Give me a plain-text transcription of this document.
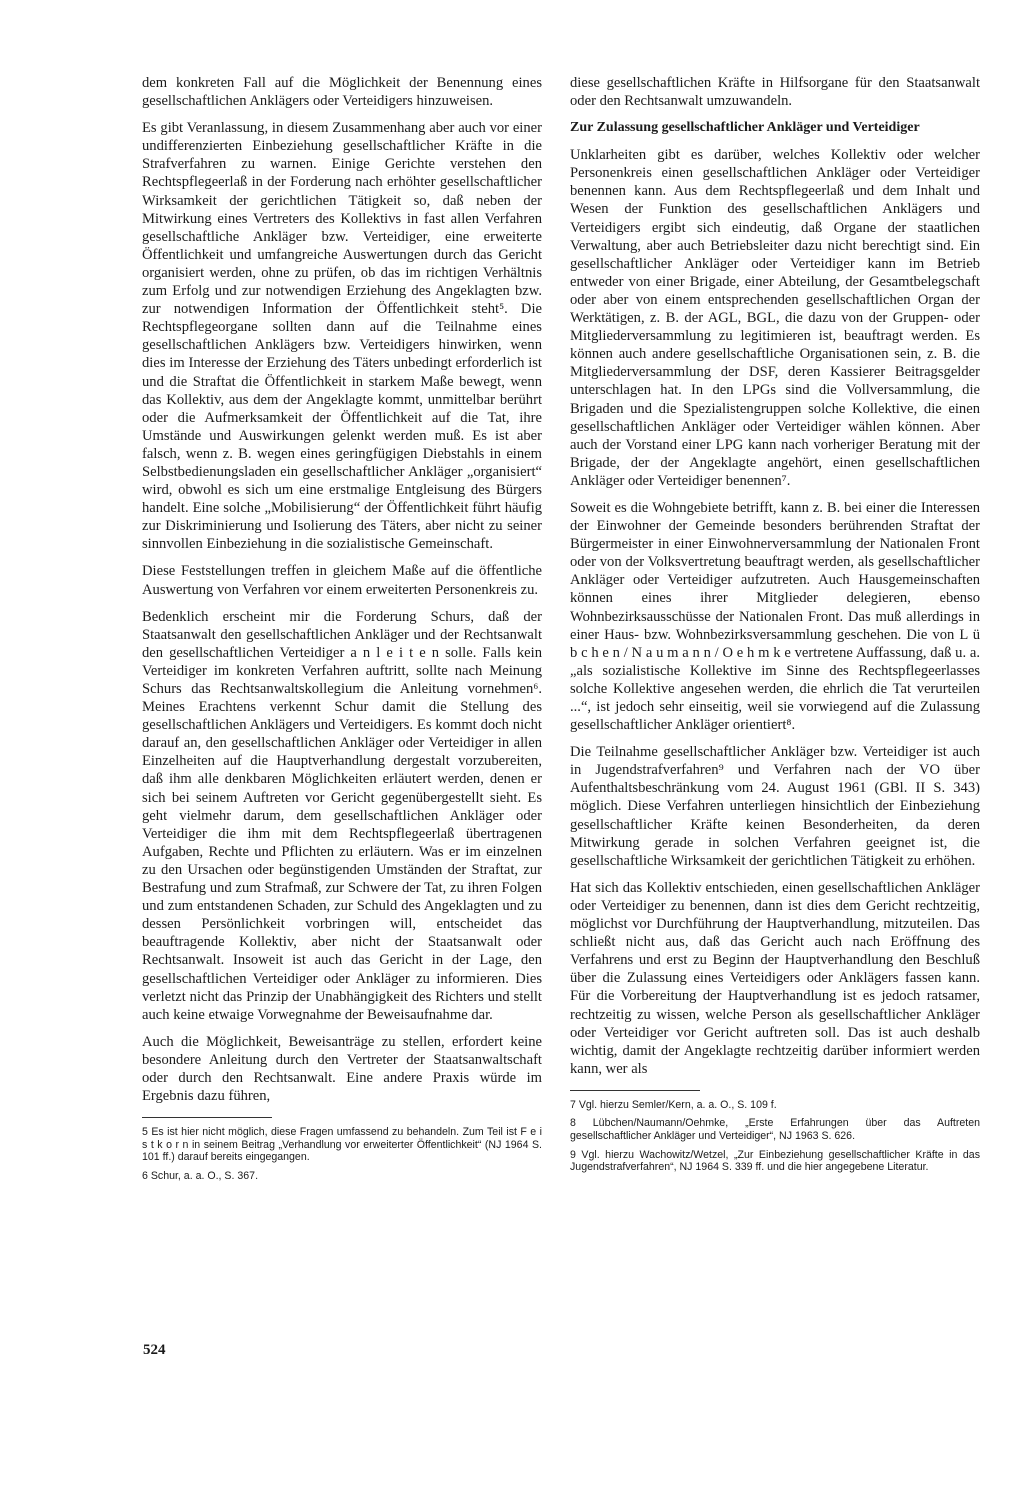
dem konkreten Fall auf die Möglichkeit der Benennung eines gesellschaftlichen Anklägers oder Verteidigers hinzuweisen.

Es gibt Veranlassung, in diesem Zusammenhang aber auch vor einer undifferenzierten Einbeziehung gesellschaftlicher Kräfte in die Strafverfahren zu warnen. Einige Gerichte verstehen den Rechtspflegeerlaß in der Forderung nach erhöhter gesellschaftlicher Wirksamkeit der gerichtlichen Tätigkeit so, daß neben der Mitwirkung eines Vertreters des Kollektivs in fast allen Verfahren gesellschaftliche Ankläger bzw. Verteidiger, eine erweiterte Öffentlichkeit und umfangreiche Auswertungen durch das Gericht organisiert werden, ohne zu prüfen, ob das im richtigen Verhältnis zum Erfolg und zur notwendigen Erziehung des Angeklagten bzw. zur notwendigen Information der Öffentlichkeit steht⁵. Die Rechtspflegeorgane sollten dann auf die Teilnahme eines gesellschaftlichen Anklägers bzw. Verteidigers hinwirken, wenn dies im Interesse der Erziehung des Täters unbedingt erforderlich ist und die Straftat die Öffentlichkeit in starkem Maße bewegt, wenn das Kollektiv, aus dem der Angeklagte kommt, unmittelbar berührt oder die Aufmerksamkeit der Öffentlichkeit auf die Tat, ihre Umstände und Auswirkungen gelenkt werden muß. Es ist aber falsch, wenn z. B. wegen eines geringfügigen Diebstahls in einem Selbstbedienungsladen ein gesellschaftlicher Ankläger „organisiert“ wird, obwohl es sich um eine erstmalige Entgleisung des Bürgers handelt. Eine solche „Mobilisierung“ der Öffentlichkeit führt häufig zur Diskriminierung und Isolierung des Täters, aber nicht zu seiner sinnvollen Einbeziehung in die sozialistische Gemeinschaft.

Diese Feststellungen treffen in gleichem Maße auf die öffentliche Auswertung von Verfahren vor einem erweiterten Personenkreis zu.

Bedenklich erscheint mir die Forderung Schurs, daß der Staatsanwalt den gesellschaftlichen Ankläger und der Rechtsanwalt den gesellschaftlichen Verteidiger a n l e i t e n solle. Falls kein Verteidiger im konkreten Verfahren auftritt, sollte nach Meinung Schurs das Rechtsanwaltskollegium die Anleitung vornehmen⁶. Meines Erachtens verkennt Schur damit die Stellung des gesellschaftlichen Anklägers und Verteidigers. Es kommt doch nicht darauf an, den gesellschaftlichen Ankläger oder Verteidiger in allen Einzelheiten auf die Hauptverhandlung dergestalt vorzubereiten, daß ihm alle denkbaren Möglichkeiten erläutert werden, denen er sich bei seinem Auftreten vor Gericht gegenübergestellt sieht. Es geht vielmehr darum, dem gesellschaftlichen Ankläger oder Verteidiger die ihm mit dem Rechtspflegeerlaß übertragenen Aufgaben, Rechte und Pflichten zu erläutern. Was er im einzelnen zu den Ursachen oder begünstigenden Umständen der Straftat, zur Bestrafung und zum Strafmaß, zur Schwere der Tat, zu ihren Folgen und zum entstandenen Schaden, zur Schuld des Angeklagten und zu dessen Persönlichkeit vorbringen will, entscheidet das beauftragende Kollektiv, aber nicht der Staatsanwalt oder Rechtsanwalt. Insoweit ist auch das Gericht in der Lage, den gesellschaftlichen Verteidiger oder Ankläger zu informieren. Dies verletzt nicht das Prinzip der Unabhängigkeit des Richters und stellt auch keine etwaige Vorwegnahme der Beweisaufnahme dar.

Auch die Möglichkeit, Beweisanträge zu stellen, erfordert keine besondere Anleitung durch den Vertreter der Staatsanwaltschaft oder durch den Rechtsanwalt. Eine andere Praxis würde im Ergebnis dazu führen,

5 Es ist hier nicht möglich, diese Fragen umfassend zu behandeln. Zum Teil ist F e i s t k o r n in seinem Beitrag „Verhandlung vor erweiterter Öffentlichkeit“ (NJ 1964 S. 101 ff.) darauf bereits eingegangen.

6 Schur, a. a. O., S. 367.

diese gesellschaftlichen Kräfte in Hilfsorgane für den Staatsanwalt oder den Rechtsanwalt umzuwandeln.

Zur Zulassung gesellschaftlicher Ankläger und Verteidiger

Unklarheiten gibt es darüber, welches Kollektiv oder welcher Personenkreis einen gesellschaftlichen Ankläger oder Verteidiger benennen kann. Aus dem Rechtspflegeerlaß und dem Inhalt und Wesen der Funktion des gesellschaftlichen Anklägers und Verteidigers ergibt sich eindeutig, daß Organe der staatlichen Verwaltung, aber auch Betriebsleiter dazu nicht berechtigt sind. Ein gesellschaftlicher Ankläger oder Verteidiger kann im Betrieb entweder von einer Brigade, einer Abteilung, der Gesamtbelegschaft oder aber von einem entsprechenden gesellschaftlichen Organ der Werktätigen, z. B. der AGL, BGL, die dazu von der Gruppen- oder Mitgliederversammlung zu legitimieren ist, beauftragt werden. Es können auch andere gesellschaftliche Organisationen sein, z. B. die Mitgliederversammlung der DSF, deren Kassierer Beitragsgelder unterschlagen hat. In den LPGs sind die Vollversammlung, die Brigaden und die Spezialistengruppen solche Kollektive, die einen gesellschaftlichen Ankläger oder Verteidiger wählen können. Aber auch der Vorstand einer LPG kann nach vorheriger Beratung mit der Brigade, der der Angeklagte angehört, einen gesellschaftlichen Ankläger oder Verteidiger benennen⁷.

Soweit es die Wohngebiete betrifft, kann z. B. bei einer die Interessen der Einwohner der Gemeinde besonders berührenden Straftat der Bürgermeister in einer Einwohnerversammlung der Nationalen Front oder von der Volksvertretung beauftragt werden, als gesellschaftlicher Ankläger oder Verteidiger aufzutreten. Auch Hausgemeinschaften können eines ihrer Mitglieder delegieren, ebenso Wohnbezirksausschüsse der Nationalen Front. Das muß allerdings in einer Haus- bzw. Wohnbezirksversammlung geschehen. Die von L ü b c h e n / N a u m a n n / O e h m k e vertretene Auffassung, daß u. a. „als sozialistische Kollektive im Sinne des Rechtspflegeerlasses solche Kollektive angesehen werden, die ehrlich die Tat verurteilen ...“, ist jedoch sehr einseitig, weil sie vorwiegend auf die Zulassung gesellschaftlicher Ankläger orientiert⁸.

Die Teilnahme gesellschaftlicher Ankläger bzw. Verteidiger ist auch in Jugendstrafverfahren⁹ und Verfahren nach der VO über Aufenthaltsbeschränkung vom 24. August 1961 (GBl. II S. 343) möglich. Diese Verfahren unterliegen hinsichtlich der Einbeziehung gesellschaftlicher Kräfte keinen Besonderheiten, da deren Mitwirkung gerade in solchen Verfahren geeignet ist, die gesellschaftliche Wirksamkeit der gerichtlichen Tätigkeit zu erhöhen.

Hat sich das Kollektiv entschieden, einen gesellschaftlichen Ankläger oder Verteidiger zu benennen, dann ist dies dem Gericht rechtzeitig, möglichst vor Durchführung der Hauptverhandlung, mitzuteilen. Das schließt nicht aus, daß das Gericht auch nach Eröffnung des Verfahrens und erst zu Beginn der Hauptverhandlung den Beschluß über die Zulassung eines Verteidigers oder Anklägers fassen kann. Für die Vorbereitung der Hauptverhandlung ist es jedoch ratsamer, rechtzeitig zu wissen, welche Person als gesellschaftlicher Ankläger oder Verteidiger vor Gericht auftreten soll. Das ist auch deshalb wichtig, damit der Angeklagte rechtzeitig darüber informiert werden kann, wer als

7 Vgl. hierzu Semler/Kern, a. a. O., S. 109 f.

8 Lübchen/Naumann/Oehmke, „Erste Erfahrungen über das Auftreten gesellschaftlicher Ankläger und Verteidiger“, NJ 1963 S. 626.

9 Vgl. hierzu Wachowitz/Wetzel, „Zur Einbeziehung gesellschaftlicher Kräfte in das Jugendstrafverfahren“, NJ 1964 S. 339 ff. und die hier angegebene Literatur.

524
